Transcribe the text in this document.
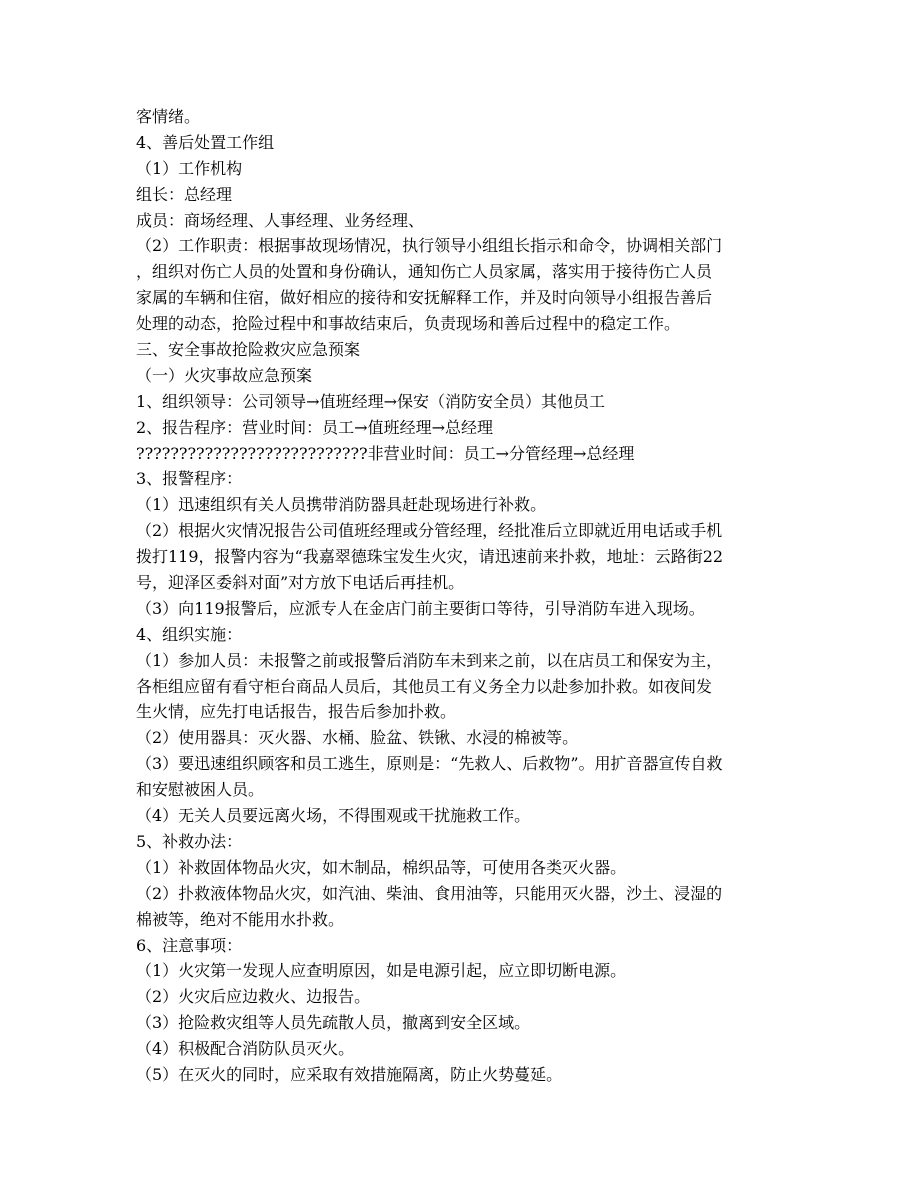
客情绪。
4、善后处置工作组
（1）工作机构
组长：总经理
成员：商场经理、人事经理、业务经理、
（2）工作职责：根据事故现场情况，执行领导小组组长指示和命令，协调相关部门
，组织对伤亡人员的处置和身份确认，通知伤亡人员家属，落实用于接待伤亡人员
家属的车辆和住宿，做好相应的接待和安抚解释工作，并及时向领导小组报告善后
处理的动态，抢险过程中和事故结束后，负责现场和善后过程中的稳定工作。
三、安全事故抢险救灾应急预案
（一）火灾事故应急预案
1、组织领导：公司领导→值班经理→保安（消防安全员）其他员工
2、报告程序：营业时间：员工→值班经理→总经理
???????????????????????????非营业时间：员工→分管经理→总经理
3、报警程序：
（1）迅速组织有关人员携带消防器具赶赴现场进行补救。
（2）根据火灾情况报告公司值班经理或分管经理，经批准后立即就近用电话或手机
拨打119，报警内容为“我嘉翠德珠宝发生火灾，请迅速前来扑救，地址：云路街22
号，迎泽区委斜对面”对方放下电话后再挂机。
（3）向119报警后，应派专人在金店门前主要街口等待，引导消防车进入现场。
4、组织实施：
（1）参加人员：未报警之前或报警后消防车未到来之前，以在店员工和保安为主，
各柜组应留有看守柜台商品人员后，其他员工有义务全力以赴参加扑救。如夜间发
生火情，应先打电话报告，报告后参加扑救。
（2）使用器具：灭火器、水桶、脸盆、铁锹、水浸的棉被等。
（3）要迅速组织顾客和员工逃生，原则是：“先救人、后救物”。用扩音器宣传自救
和安慰被困人员。
（4）无关人员要远离火场，不得围观或干扰施救工作。
5、补救办法：
（1）补救固体物品火灾，如木制品，棉织品等，可使用各类灭火器。
（2）扑救液体物品火灾，如汽油、柴油、食用油等，只能用灭火器，沙土、浸湿的
棉被等，绝对不能用水扑救。
6、注意事项：
（1）火灾第一发现人应查明原因，如是电源引起，应立即切断电源。
（2）火灾后应边救火、边报告。
（3）抢险救灾组等人员先疏散人员，撤离到安全区域。
（4）积极配合消防队员灭火。
（5）在灭火的同时，应采取有效措施隔离，防止火势蔓延。
